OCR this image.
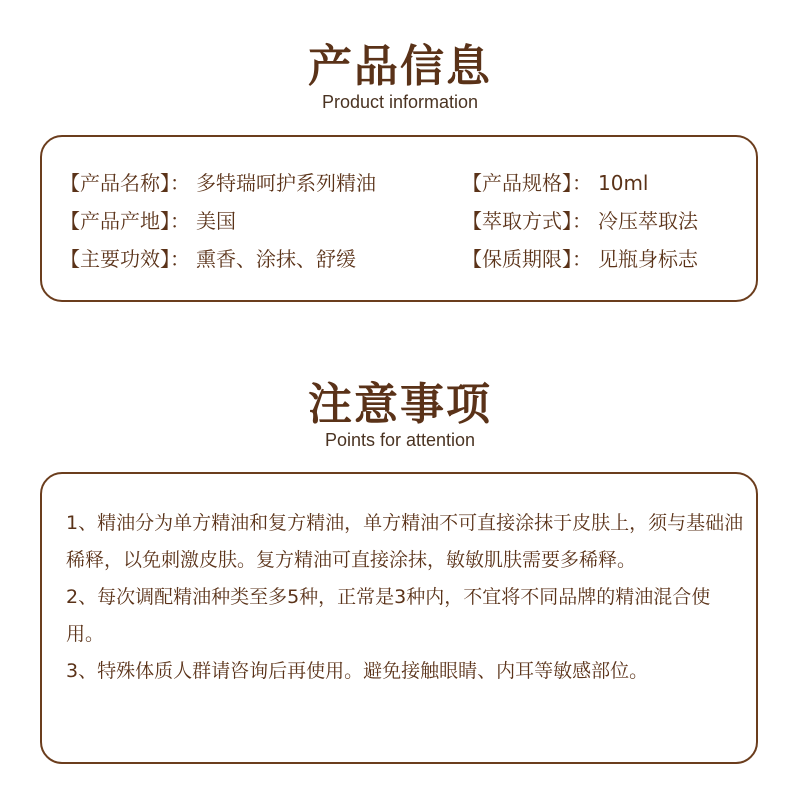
产品信息
Product information
【产品名称】： 多特瑞呵护系列精油	【产品规格】： 10ml
【产品产地】： 美国	【萃取方式】： 冷压萃取法
【主要功效】： 熏香、涂抹、舒缓	【保质期限】： 见瓶身标志
注意事项
Points for attention

1、精油分为单方精油和复方精油，单方精油不可直接涂抹于皮肤上，须与基础油稀释，以免刺激皮肤。复方精油可直接涂抹，敏敏肌肤需要多稀释。

2、每次调配精油种类至多5种，正常是3种内，不宜将不同品牌的精油混合使用。

3、特殊体质人群请咨询后再使用。避免接触眼睛、内耳等敏感部位。
